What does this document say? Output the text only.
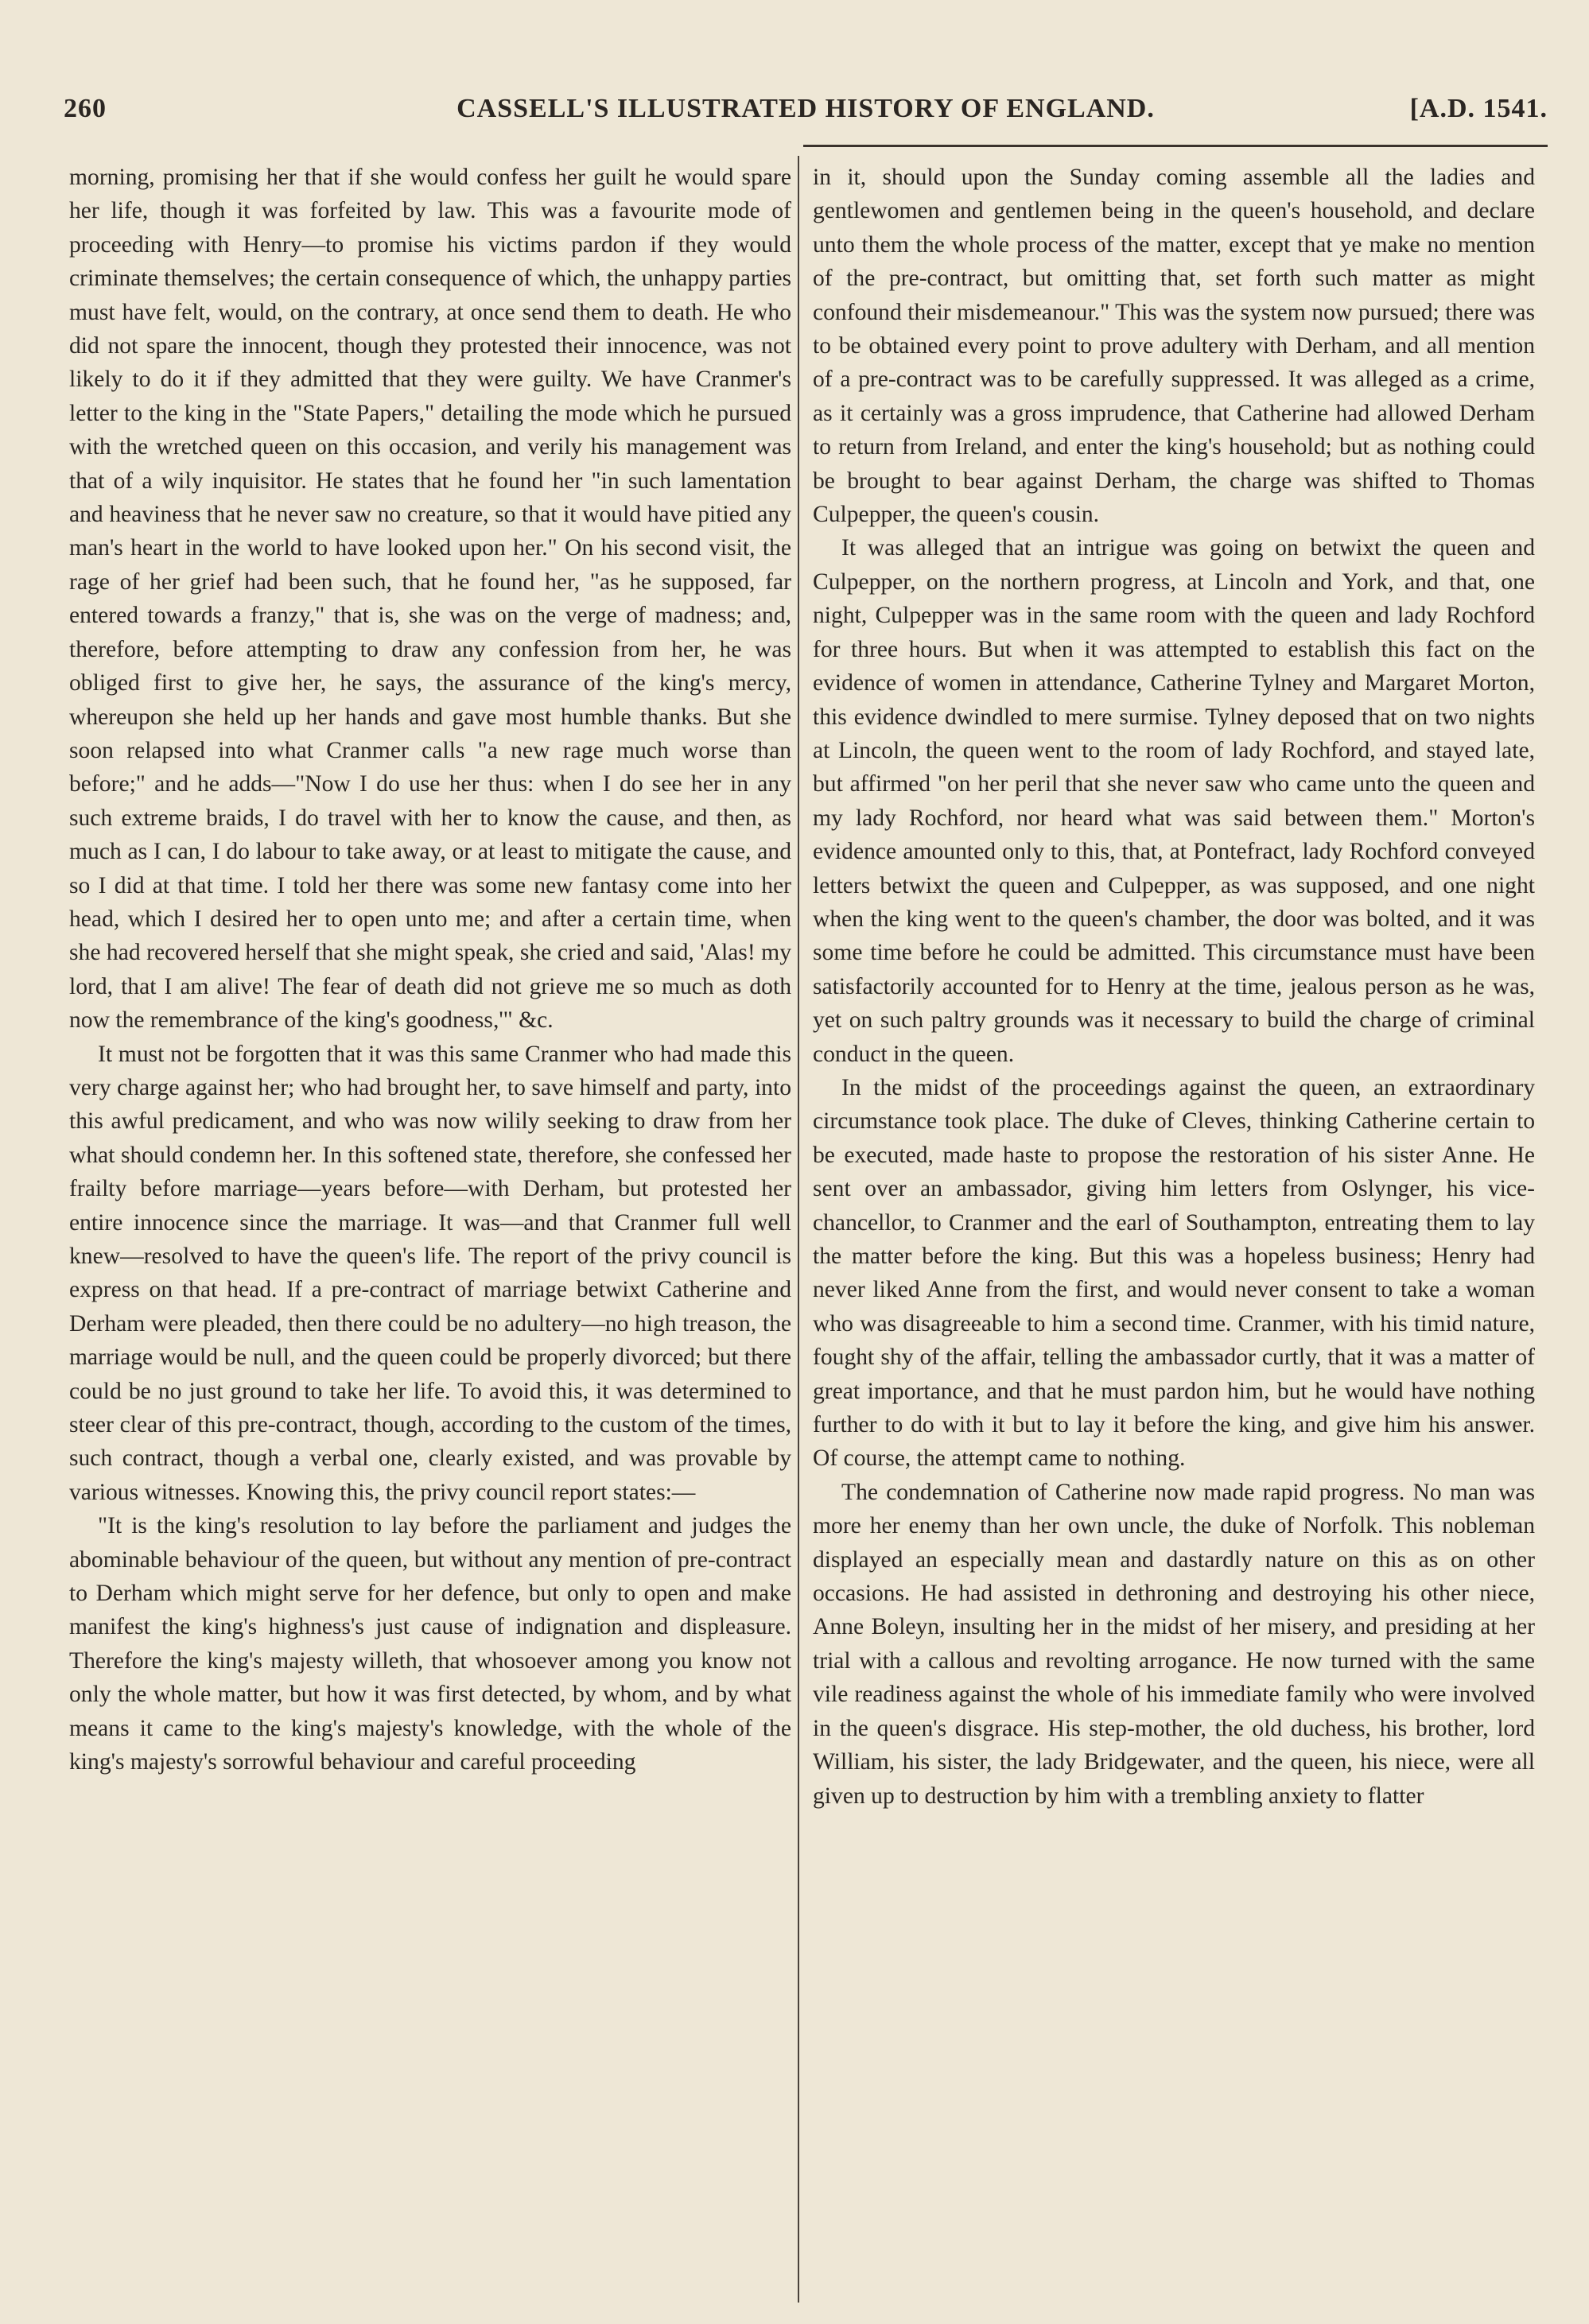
260	CASSELL'S ILLUSTRATED HISTORY OF ENGLAND.	[A.D. 1541.

morning, promising her that if she would confess her guilt he would spare her life, though it was forfeited by law. This was a favourite mode of proceeding with Henry—to promise his victims pardon if they would criminate themselves; the certain consequence of which, the unhappy parties must have felt, would, on the contrary, at once send them to death. He who did not spare the innocent, though they protested their innocence, was not likely to do it if they admitted that they were guilty. We have Cranmer's letter to the king in the "State Papers," detailing the mode which he pursued with the wretched queen on this occasion, and verily his management was that of a wily inquisitor. He states that he found her "in such lamentation and heaviness that he never saw no creature, so that it would have pitied any man's heart in the world to have looked upon her." On his second visit, the rage of her grief had been such, that he found her, "as he supposed, far entered towards a franzy," that is, she was on the verge of madness; and, therefore, before attempting to draw any confession from her, he was obliged first to give her, he says, the assurance of the king's mercy, whereupon she held up her hands and gave most humble thanks. But she soon relapsed into what Cranmer calls "a new rage much worse than before;" and he adds—"Now I do use her thus: when I do see her in any such extreme braids, I do travel with her to know the cause, and then, as much as I can, I do labour to take away, or at least to mitigate the cause, and so I did at that time. I told her there was some new fantasy come into her head, which I desired her to open unto me; and after a certain time, when she had recovered herself that she might speak, she cried and said, 'Alas! my lord, that I am alive! The fear of death did not grieve me so much as doth now the remembrance of the king's goodness,'" &c.

It must not be forgotten that it was this same Cranmer who had made this very charge against her; who had brought her, to save himself and party, into this awful predicament, and who was now wilily seeking to draw from her what should condemn her. In this softened state, therefore, she confessed her frailty before marriage—years before—with Derham, but protested her entire innocence since the marriage. It was—and that Cranmer full well knew—resolved to have the queen's life. The report of the privy council is express on that head. If a pre-contract of marriage betwixt Catherine and Derham were pleaded, then there could be no adultery—no high treason, the marriage would be null, and the queen could be properly divorced; but there could be no just ground to take her life. To avoid this, it was determined to steer clear of this pre-contract, though, according to the custom of the times, such contract, though a verbal one, clearly existed, and was provable by various witnesses. Knowing this, the privy council report states:—

"It is the king's resolution to lay before the parliament and judges the abominable behaviour of the queen, but without any mention of pre-contract to Derham which might serve for her defence, but only to open and make manifest the king's highness's just cause of indignation and displeasure. Therefore the king's majesty willeth, that whosoever among you know not only the whole matter, but how it was first detected, by whom, and by what means it came to the king's majesty's knowledge, with the whole of the king's majesty's sorrowful behaviour and careful proceeding

in it, should upon the Sunday coming assemble all the ladies and gentlewomen and gentlemen being in the queen's household, and declare unto them the whole process of the matter, except that ye make no mention of the pre-contract, but omitting that, set forth such matter as might confound their misdemeanour." This was the system now pursued; there was to be obtained every point to prove adultery with Derham, and all mention of a pre-contract was to be carefully suppressed. It was alleged as a crime, as it certainly was a gross imprudence, that Catherine had allowed Derham to return from Ireland, and enter the king's household; but as nothing could be brought to bear against Derham, the charge was shifted to Thomas Culpepper, the queen's cousin.

It was alleged that an intrigue was going on betwixt the queen and Culpepper, on the northern progress, at Lincoln and York, and that, one night, Culpepper was in the same room with the queen and lady Rochford for three hours. But when it was attempted to establish this fact on the evidence of women in attendance, Catherine Tylney and Margaret Morton, this evidence dwindled to mere surmise. Tylney deposed that on two nights at Lincoln, the queen went to the room of lady Rochford, and stayed late, but affirmed "on her peril that she never saw who came unto the queen and my lady Rochford, nor heard what was said between them." Morton's evidence amounted only to this, that, at Pontefract, lady Rochford conveyed letters betwixt the queen and Culpepper, as was supposed, and one night when the king went to the queen's chamber, the door was bolted, and it was some time before he could be admitted. This circumstance must have been satisfactorily accounted for to Henry at the time, jealous person as he was, yet on such paltry grounds was it necessary to build the charge of criminal conduct in the queen.

In the midst of the proceedings against the queen, an extraordinary circumstance took place. The duke of Cleves, thinking Catherine certain to be executed, made haste to propose the restoration of his sister Anne. He sent over an ambassador, giving him letters from Oslynger, his vice-chancellor, to Cranmer and the earl of Southampton, entreating them to lay the matter before the king. But this was a hopeless business; Henry had never liked Anne from the first, and would never consent to take a woman who was disagreeable to him a second time. Cranmer, with his timid nature, fought shy of the affair, telling the ambassador curtly, that it was a matter of great importance, and that he must pardon him, but he would have nothing further to do with it but to lay it before the king, and give him his answer. Of course, the attempt came to nothing.

The condemnation of Catherine now made rapid progress. No man was more her enemy than her own uncle, the duke of Norfolk. This nobleman displayed an especially mean and dastardly nature on this as on other occasions. He had assisted in dethroning and destroying his other niece, Anne Boleyn, insulting her in the midst of her misery, and presiding at her trial with a callous and revolting arrogance. He now turned with the same vile readiness against the whole of his immediate family who were involved in the queen's disgrace. His step-mother, the old duchess, his brother, lord William, his sister, the lady Bridgewater, and the queen, his niece, were all given up to destruction by him with a trembling anxiety to flatter
